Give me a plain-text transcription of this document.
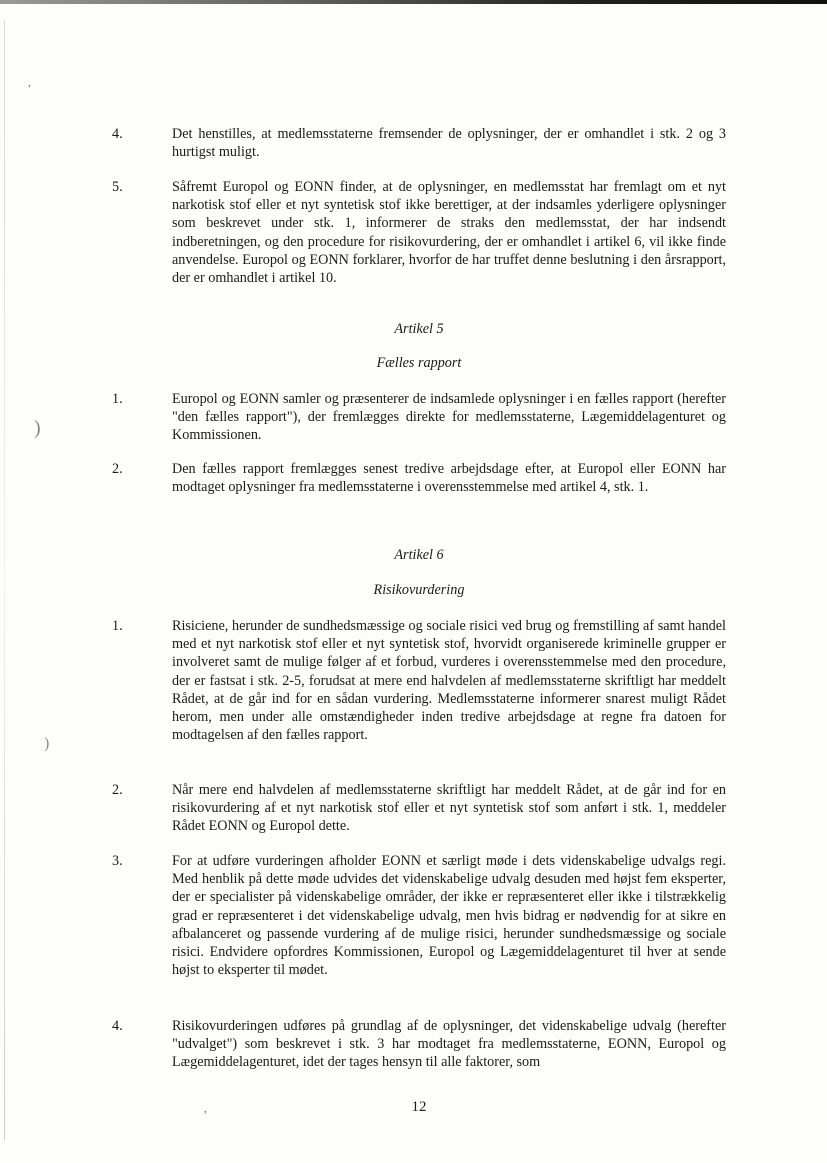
,
)
)
,
4.	Det henstilles, at medlemsstaterne fremsender de oplysninger, der er omhandlet i stk. 2 og 3 hurtigst muligt.
5.	Såfremt Europol og EONN finder, at de oplysninger, en medlemsstat har fremlagt om et nyt narkotisk stof eller et nyt syntetisk stof ikke berettiger, at der indsamles yderligere oplysninger som beskrevet under stk. 1, informerer de straks den medlemsstat, der har indsendt indberetningen, og den procedure for risikovurdering, der er omhandlet i artikel 6, vil ikke finde anvendelse. Europol og EONN forklarer, hvorfor de har truffet denne beslutning i den årsrapport, der er omhandlet i artikel 10.
Artikel 5
Fælles rapport
1.	Europol og EONN samler og præsenterer de indsamlede oplysninger i en fælles rapport (herefter "den fælles rapport"), der fremlægges direkte for medlemsstaterne, Lægemiddelagenturet og Kommissionen.
2.	Den fælles rapport fremlægges senest tredive arbejdsdage efter, at Europol eller EONN har modtaget oplysninger fra medlemsstaterne i overensstemmelse med artikel 4, stk. 1.
Artikel 6
Risikovurdering
1.	Risiciene, herunder de sundhedsmæssige og sociale risici ved brug og fremstilling af samt handel med et nyt narkotisk stof eller et nyt syntetisk stof, hvorvidt organiserede kriminelle grupper er involveret samt de mulige følger af et forbud, vurderes i overensstemmelse med den procedure, der er fastsat i stk. 2-5, forudsat at mere end halvdelen af medlemsstaterne skriftligt har meddelt Rådet, at de går ind for en sådan vurdering. Medlemsstaterne informerer snarest muligt Rådet herom, men under alle omstændigheder inden tredive arbejdsdage at regne fra datoen for modtagelsen af den fælles rapport.
2.	Når mere end halvdelen af medlemsstaterne skriftligt har meddelt Rådet, at de går ind for en risikovurdering af et nyt narkotisk stof eller et nyt syntetisk stof som anført i stk. 1, meddeler Rådet EONN og Europol dette.
3.	For at udføre vurderingen afholder EONN et særligt møde i dets videnskabelige udvalgs regi. Med henblik på dette møde udvides det videnskabelige udvalg desuden med højst fem eksperter, der er specialister på videnskabelige områder, der ikke er repræsenteret eller ikke i tilstrækkelig grad er repræsenteret i det videnskabelige udvalg, men hvis bidrag er nødvendig for at sikre en afbalanceret og passende vurdering af de mulige risici, herunder sundhedsmæssige og sociale risici. Endvidere opfordres Kommissionen, Europol og Lægemiddelagenturet til hver at sende højst to eksperter til mødet.
4.	Risikovurderingen udføres på grundlag af de oplysninger, det videnskabelige udvalg (herefter "udvalget") som beskrevet i stk. 3 har modtaget fra medlemsstaterne, EONN, Europol og Lægemiddelagenturet, idet der tages hensyn til alle faktorer, som
12
